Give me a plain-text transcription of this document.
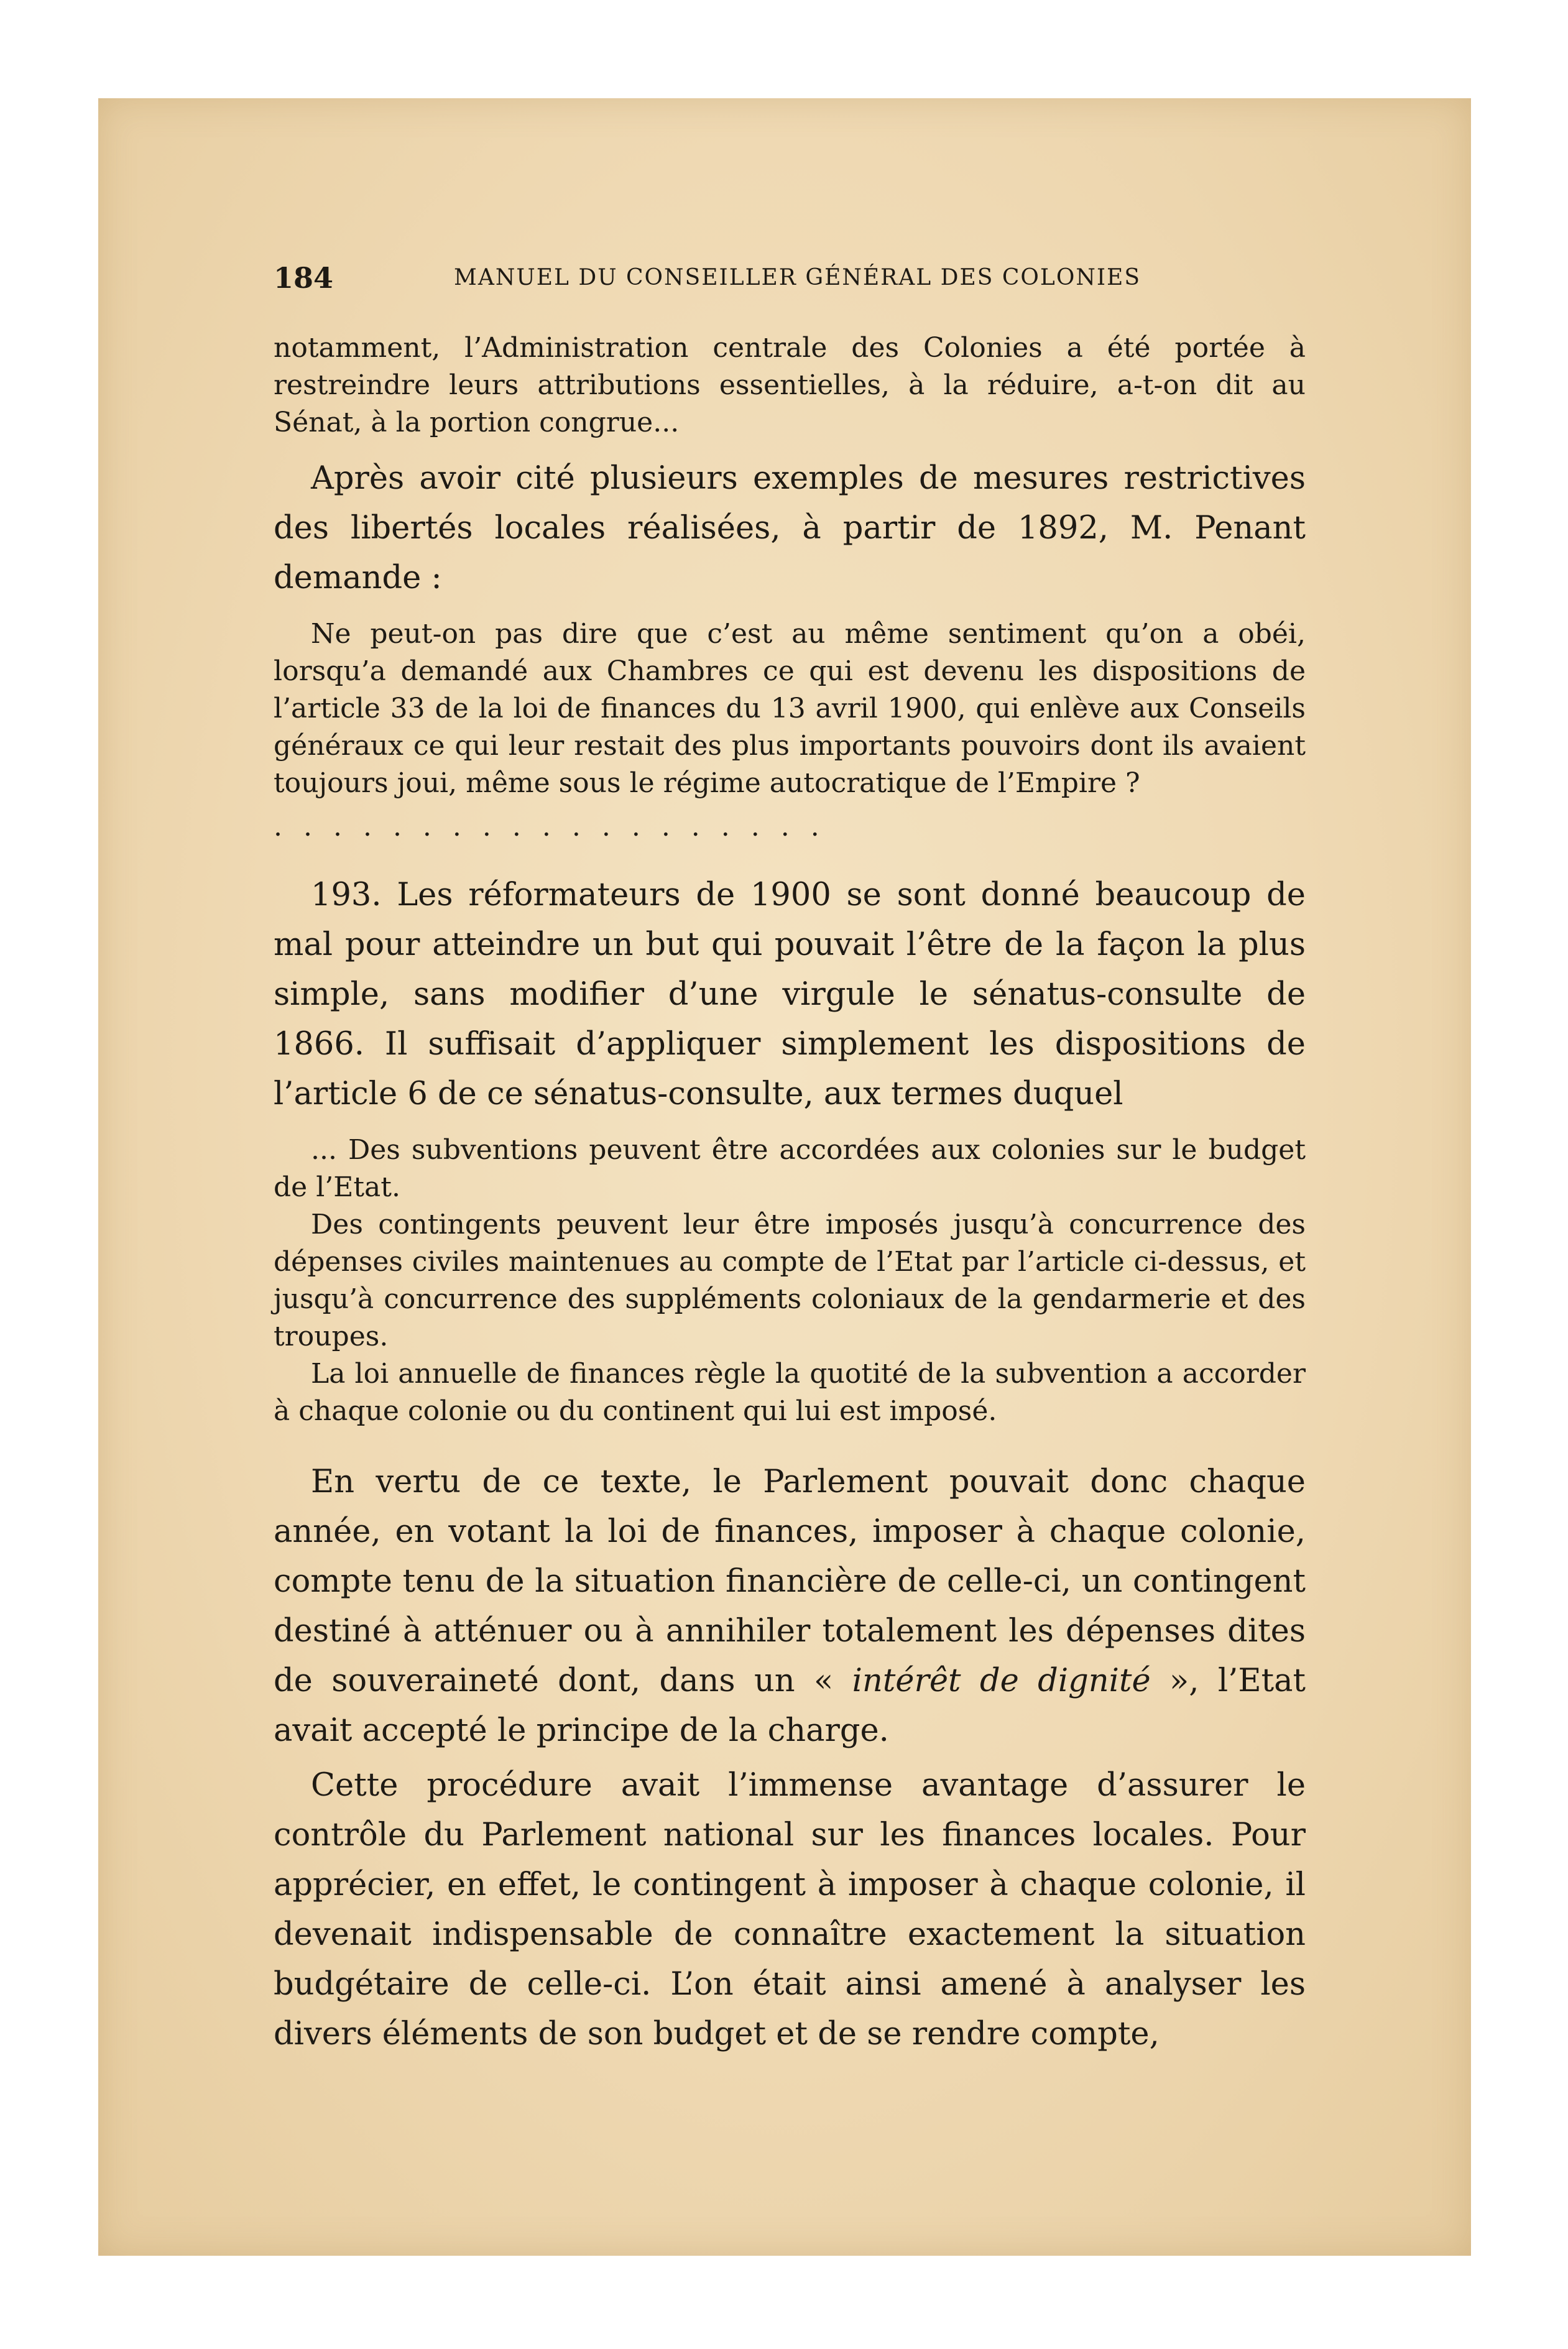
184	MANUEL DU CONSEILLER GÉNÉRAL DES COLONIES

notamment, l’Administration centrale des Colonies a été portée à restreindre leurs attributions essentielles, à la réduire, a-t-on dit au Sénat, à la portion congrue...

Après avoir cité plusieurs exemples de mesures restrictives des libertés locales réalisées, à partir de 1892, M. Penant demande :

Ne peut-on pas dire que c’est au même sentiment qu’on a obéi, lorsqu’a demandé aux Chambres ce qui est devenu les dispositions de l’article 33 de la loi de finances du 13 avril 1900, qui enlève aux Conseils généraux ce qui leur restait des plus importants pouvoirs dont ils avaient toujours joui, même sous le régime autocratique de l’Empire ?

...................

193. Les réformateurs de 1900 se sont donné beaucoup de mal pour atteindre un but qui pouvait l’être de la façon la plus simple, sans modifier d’une virgule le sénatus-consulte de 1866. Il suffisait d’appliquer simplement les dispositions de l’article 6 de ce sénatus-consulte, aux termes duquel

... Des subventions peuvent être accordées aux colonies sur le budget de l’Etat.

Des contingents peuvent leur être imposés jusqu’à concurrence des dépenses civiles maintenues au compte de l’Etat par l’article ci-dessus, et jusqu’à concurrence des suppléments coloniaux de la gendarmerie et des troupes.

La loi annuelle de finances règle la quotité de la subvention a accorder à chaque colonie ou du continent qui lui est imposé.

En vertu de ce texte, le Parlement pouvait donc chaque année, en votant la loi de finances, imposer à chaque colonie, compte tenu de la situation financière de celle-ci, un contingent destiné à atténuer ou à annihiler totalement les dépenses dites de souveraineté dont, dans un « intérêt de dignité », l’Etat avait accepté le principe de la charge.

Cette procédure avait l’immense avantage d’assurer le contrôle du Parlement national sur les finances locales. Pour apprécier, en effet, le contingent à imposer à chaque colonie, il devenait indispensable de connaître exactement la situation budgétaire de celle-ci. L’on était ainsi amené à analyser les divers éléments de son budget et de se rendre compte,
